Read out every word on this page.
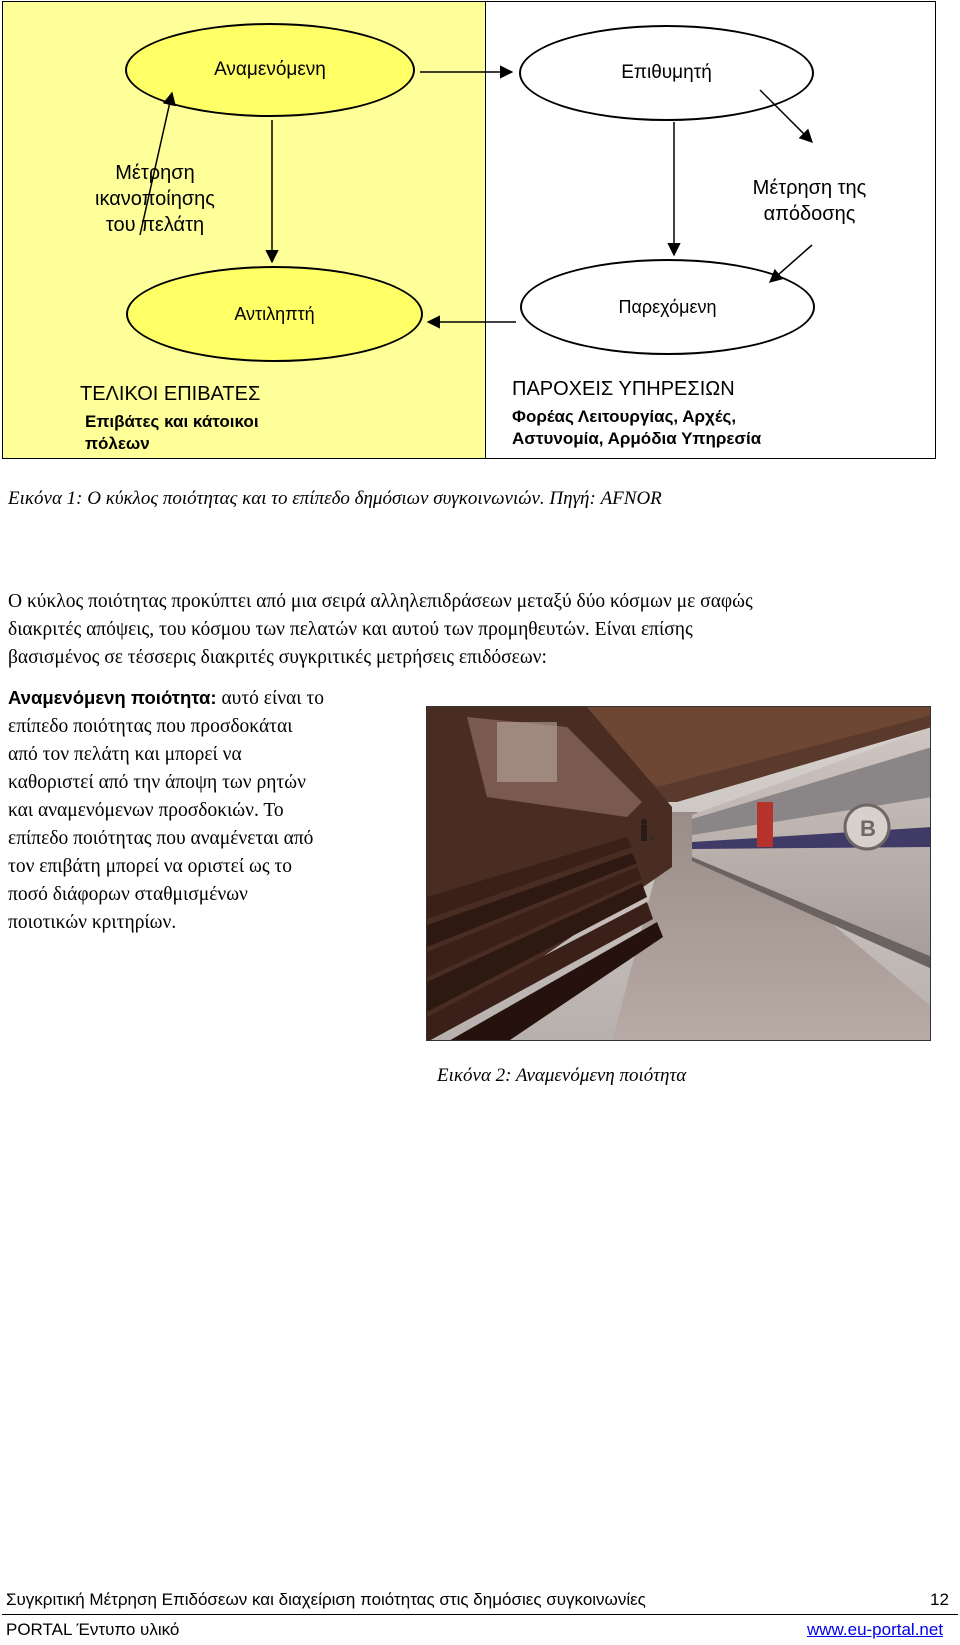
Αναμενόμενη	Επιθυμητή
Αντιληπτή	Παρεχόμενη
Μέτρηση
ικανοποίησης
του πελάτη
Μέτρηση της
απόδοσης
ΤΕΛΙΚΟΙ ΕΠΙΒΑΤΕΣ
Επιβάτες και κάτοικοι
πόλεων
ΠΑΡΟΧΕΙΣ ΥΠΗΡΕΣΙΩΝ
Φορέας Λειτουργίας, Αρχές,
Αστυνομία, Αρμόδια Υπηρεσία
Εικόνα 1: Ο κύκλος ποιότητας και το επίπεδο δημόσιων συγκοινωνιών. Πηγή: AFNOR
Ο κύκλος ποιότητας προκύπτει από μια σειρά αλληλεπιδράσεων μεταξύ δύο κόσμων με σαφώς
διακριτές απόψεις, του κόσμου των πελατών και αυτού των προμηθευτών. Είναι επίσης
βασισμένος σε τέσσερις διακριτές συγκριτικές μετρήσεις επιδόσεων:
Αναμενόμενη ποιότητα: αυτό είναι το
επίπεδο ποιότητας που προσδοκάται
από τον πελάτη και μπορεί να
καθοριστεί από την άποψη των ρητών
και αναμενόμενων προσδοκιών. Το
επίπεδο ποιότητας που αναμένεται από
τον επιβάτη μπορεί να οριστεί ως το
ποσό διάφορων σταθμισμένων
ποιοτικών κριτηρίων.
B
Εικόνα 2: Αναμενόμενη ποιότητα
Συγκριτική Μέτρηση Επιδόσεων και διαχείριση ποιότητας στις δημόσιες συγκοινωνίες	12
PORTAL Έντυπο υλικό	www.eu-portal.net
